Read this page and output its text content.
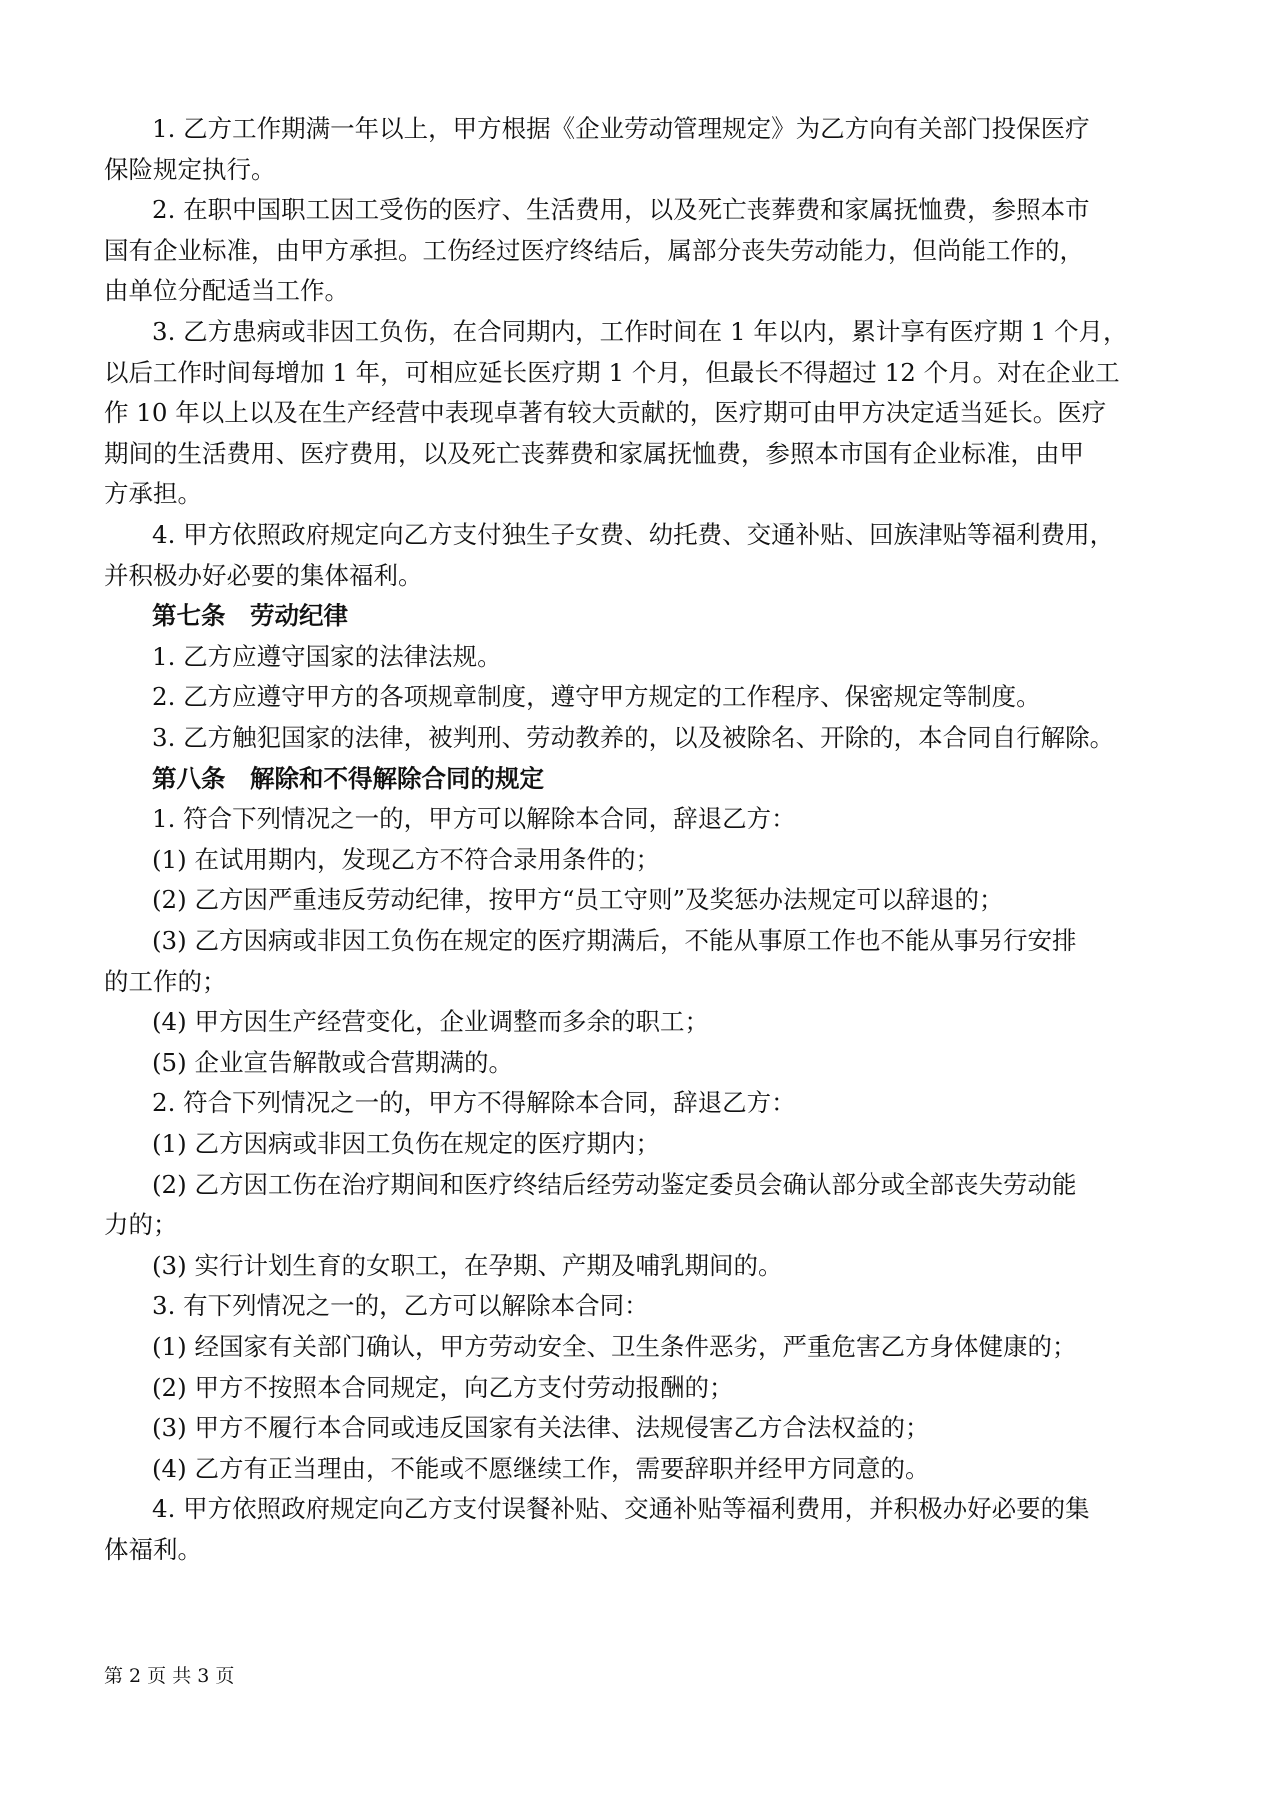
1. 乙方工作期满一年以上，甲方根据《企业劳动管理规定》为乙方向有关部门投保医疗
保险规定执行。
2. 在职中国职工因工受伤的医疗、生活费用，以及死亡丧葬费和家属抚恤费，参照本市
国有企业标准，由甲方承担。工伤经过医疗终结后，属部分丧失劳动能力，但尚能工作的，
由单位分配适当工作。
3. 乙方患病或非因工负伤，在合同期内，工作时间在 1 年以内，累计享有医疗期 1 个月，
以后工作时间每增加 1 年，可相应延长医疗期 1 个月，但最长不得超过 12 个月。对在企业工
作 10 年以上以及在生产经营中表现卓著有较大贡献的，医疗期可由甲方决定适当延长。医疗
期间的生活费用、医疗费用，以及死亡丧葬费和家属抚恤费，参照本市国有企业标准，由甲
方承担。
4. 甲方依照政府规定向乙方支付独生子女费、幼托费、交通补贴、回族津贴等福利费用，
并积极办好必要的集体福利。
第七条　劳动纪律
1. 乙方应遵守国家的法律法规。
2. 乙方应遵守甲方的各项规章制度，遵守甲方规定的工作程序、保密规定等制度。
3. 乙方触犯国家的法律，被判刑、劳动教养的，以及被除名、开除的，本合同自行解除。
第八条　解除和不得解除合同的规定
1. 符合下列情况之一的，甲方可以解除本合同，辞退乙方：
(1) 在试用期内，发现乙方不符合录用条件的；
(2) 乙方因严重违反劳动纪律，按甲方“员工守则”及奖惩办法规定可以辞退的；
(3) 乙方因病或非因工负伤在规定的医疗期满后，不能从事原工作也不能从事另行安排
的工作的；
(4) 甲方因生产经营变化，企业调整而多余的职工；
(5) 企业宣告解散或合营期满的。
2. 符合下列情况之一的，甲方不得解除本合同，辞退乙方：
(1) 乙方因病或非因工负伤在规定的医疗期内；
(2) 乙方因工伤在治疗期间和医疗终结后经劳动鉴定委员会确认部分或全部丧失劳动能
力的；
(3) 实行计划生育的女职工，在孕期、产期及哺乳期间的。
3. 有下列情况之一的，乙方可以解除本合同：
(1) 经国家有关部门确认，甲方劳动安全、卫生条件恶劣，严重危害乙方身体健康的；
(2) 甲方不按照本合同规定，向乙方支付劳动报酬的；
(3) 甲方不履行本合同或违反国家有关法律、法规侵害乙方合法权益的；
(4) 乙方有正当理由，不能或不愿继续工作，需要辞职并经甲方同意的。
4. 甲方依照政府规定向乙方支付误餐补贴、交通补贴等福利费用，并积极办好必要的集
体福利。
第 2 页 共 3 页
